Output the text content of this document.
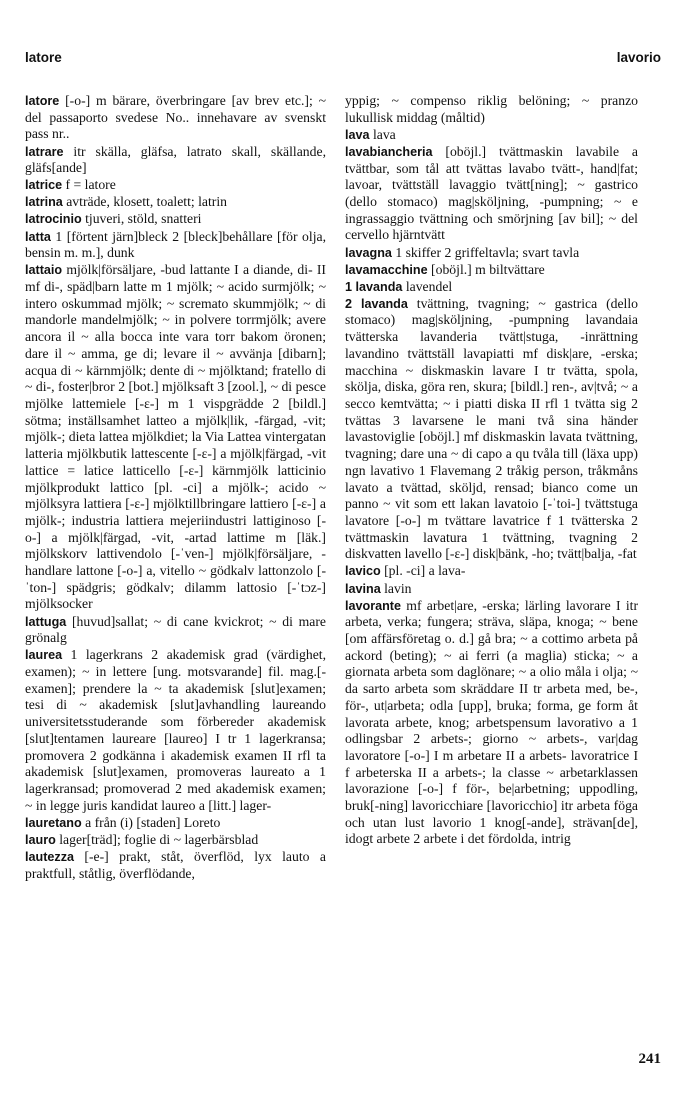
latore	lavorio

latore [-o-] m bärare, överbringare [av brev etc.]; ~ del passaporto svedese No.. innehavare av svenskt pass nr..

latrare itr skälla, gläfsa, latrato skall, skällande, gläfs[ande]

latrice f = latore

latrina avträde, klosett, toalett; latrin

latrocinio tjuveri, stöld, snatteri

latta 1 [förtent järn]bleck 2 [bleck]behållare [för olja, bensin m. m.], dunk

lattaio mjölk|försäljare, -bud lattante I a diande, di- II mf di-, späd|barn latte m 1 mjölk; ~ acido surmjölk; ~ intero oskummad mjölk; ~ scremato skummjölk; ~ di mandorle mandelmjölk; ~ in polvere torrmjölk; avere ancora il ~ alla bocca inte vara torr bakom öronen; dare il ~ amma, ge di; levare il ~ avvänja [dibarn]; acqua di ~ kärnmjölk; dente di ~ mjölktand; fratello di ~ di-, foster|bror 2 [bot.] mjölksaft 3 [zool.], ~ di pesce mjölke lattemiele [-ɛ-] m 1 vispgrädde 2 [bildl.] sötma; inställsamhet latteo a mjölk|lik, -färgad, -vit; mjölk-; dieta lattea mjölkdiet; la Via Lattea vintergatan latteria mjölkbutik lattescente [-ɛ-] a mjölk|färgad, -vit lattice = latice latticello [-ɛ-] kärnmjölk latticinio mjölkprodukt lattico [pl. -ci] a mjölk-; acido ~ mjölksyra lattiera [-ɛ-] mjölktillbringare lattiero [-ɛ-] a mjölk-; industria lattiera mejeriindustri lattiginoso [-o-] a mjölk|färgad, -vit, -artad lattime m [läk.] mjölkskorv lattivendolo [-ˈven-] mjölk|försäljare, -handlare lattone [-o-] a, vitello ~ gödkalv lattonzolo [-ˈton-] spädgris; gödkalv; dilamm lattosio [-ˈtɔz-] mjölksocker

lattuga [huvud]sallat; ~ di cane kvickrot; ~ di mare grönalg

laurea 1 lagerkrans 2 akademisk grad (värdighet, examen); ~ in lettere [ung. motsvarande] fil. mag.[-examen]; prendere la ~ ta akademisk [slut]examen; tesi di ~ akademisk [slut]avhandling laureando universitetsstuderande som förbereder akademisk [slut]tentamen laureare [laureo] I tr 1 lagerkransa; promovera 2 godkänna i akademisk examen II rfl ta akademisk [slut]examen, promoveras laureato a 1 lagerkransad; promoverad 2 med akademisk examen; ~ in legge juris kandidat laureo a [litt.] lager-

lauretano a från (i) [staden] Loreto

lauro lager[träd]; foglie di ~ lagerbärsblad

lautezza [-e-] prakt, ståt, överflöd, lyx lauto a praktfull, ståtlig, överflödande,

yppig; ~ compenso riklig belöning; ~ pranzo lukullisk middag (måltid)

lava lava

lavabiancheria [oböjl.] tvättmaskin lavabile a tvättbar, som tål att tvättas lavabo tvätt-, hand|fat; lavoar, tvättställ lavaggio tvätt[ning]; ~ gastrico (dello stomaco) mag|sköljning, -pumpning; ~ e ingrassaggio tvättning och smörjning [av bil]; ~ del cervello hjärntvätt

lavagna 1 skiffer 2 griffeltavla; svart tavla

lavamacchine [oböjl.] m biltvättare

1 lavanda lavendel

2 lavanda tvättning, tvagning; ~ gastrica (dello stomaco) mag|sköljning, -pumpning lavandaia tvätterska lavanderia tvätt|stuga, -inrättning lavandino tvättställ lavapiatti mf disk|are, -erska; macchina ~ diskmaskin lavare I tr tvätta, spola, skölja, diska, göra ren, skura; [bildl.] ren-, av|två; ~ a secco kemtvätta; ~ i piatti diska II rfl 1 tvätta sig 2 tvättas 3 lavarsene le mani två sina händer lavastoviglie [oböjl.] mf diskmaskin lavata tvättning, tvagning; dare una ~ di capo a qu tvåla till (läxa upp) ngn lavativo 1 Flavemang 2 tråkig person, tråkmåns lavato a tvättad, sköljd, rensad; bianco come un panno ~ vit som ett lakan lavatoio [-ˈtoi-] tvättstuga lavatore [-o-] m tvättare lavatrice f 1 tvätterska 2 tvättmaskin lavatura 1 tvättning, tvagning 2 diskvatten lavello [-ɛ-] disk|bänk, -ho; tvätt|balja, -fat

lavico [pl. -ci] a lava-

lavina lavin

lavorante mf arbet|are, -erska; lärling lavorare I itr arbeta, verka; fungera; sträva, släpa, knoga; ~ bene [om affärsföretag o. d.] gå bra; ~ a cottimo arbeta på ackord (beting); ~ ai ferri (a maglia) sticka; ~ a giornata arbeta som daglönare; ~ a olio måla i olja; ~ da sarto arbeta som skräddare II tr arbeta med, be-, för-, ut|arbeta; odla [upp], bruka; forma, ge form åt lavorata arbete, knog; arbetspensum lavorativo a 1 odlingsbar 2 arbets-; giorno ~ arbets-, var|dag lavoratore [-o-] I m arbetare II a arbets- lavoratrice I f arbeterska II a arbets-; la classe ~ arbetarklassen lavorazione [-o-] f för-, be|arbetning; uppodling, bruk[-ning] lavoricchiare [lavoricchio] itr arbeta föga och utan lust lavorio 1 knog[-ande], strävan[de], idogt arbete 2 arbete i det fördolda, intrig

241
